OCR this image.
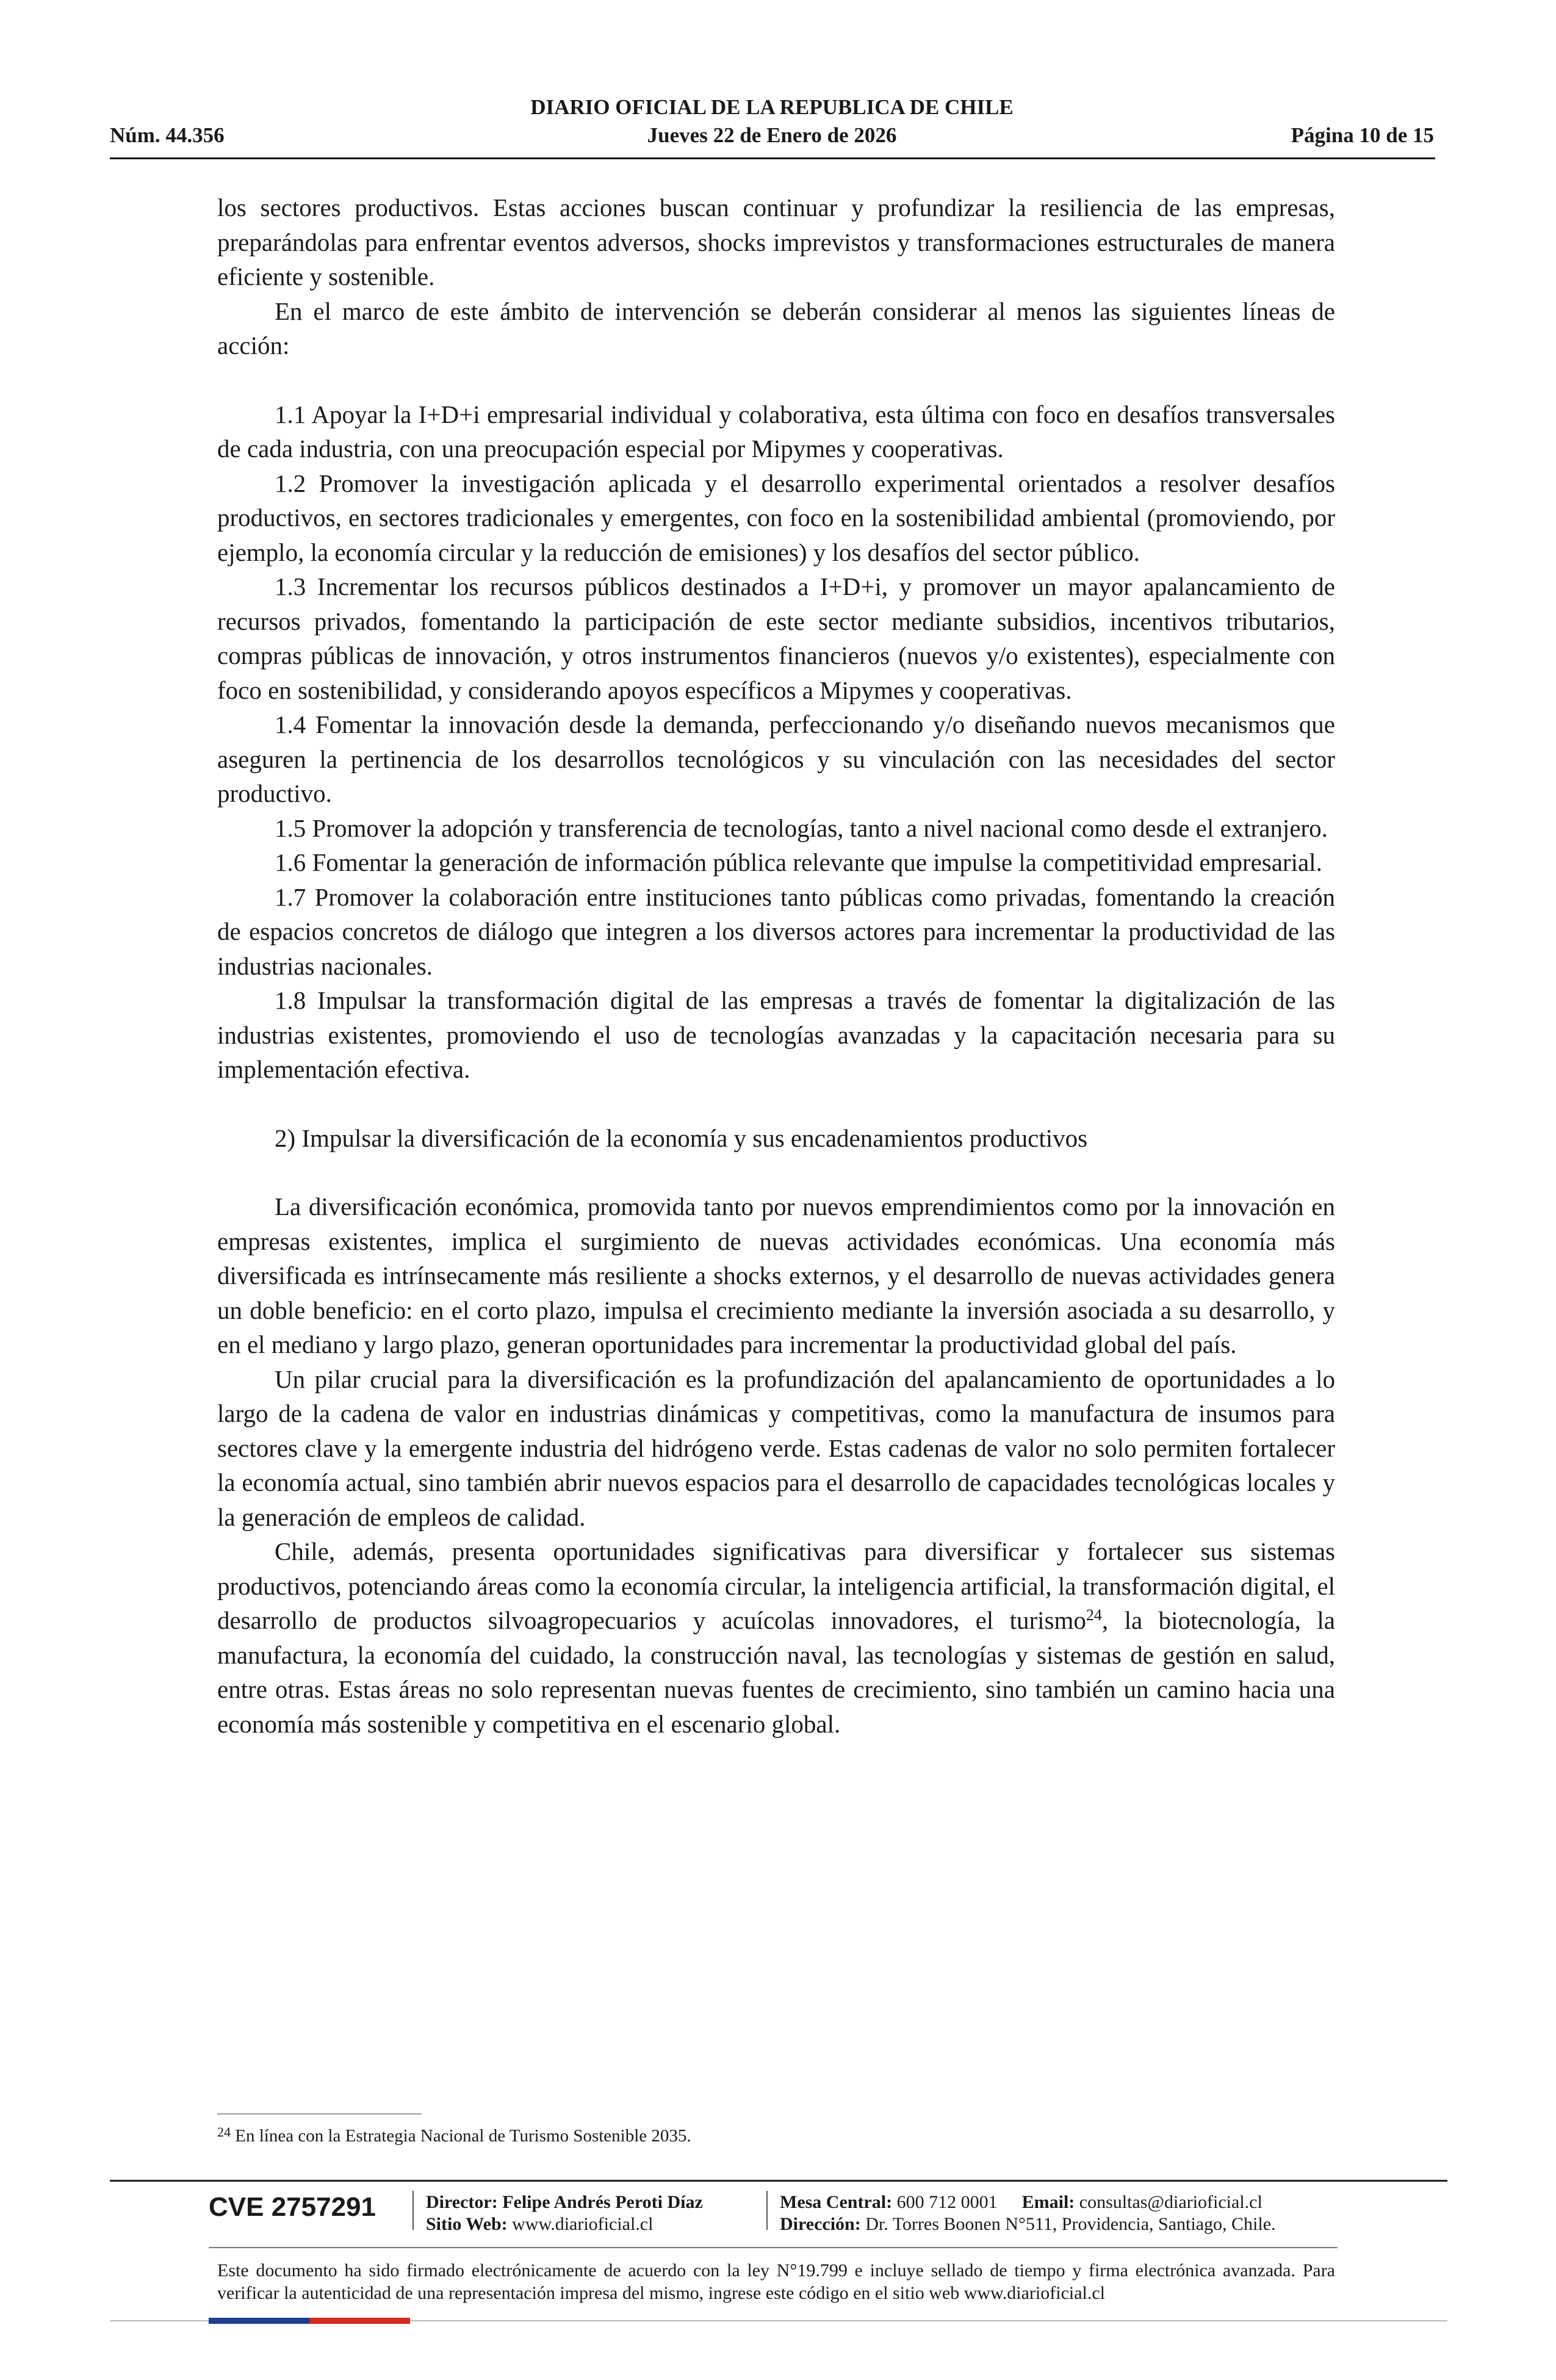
DIARIO OFICIAL DE LA REPUBLICA DE CHILE
Núm. 44.356	Jueves 22 de Enero de 2026	Página 10 de 15

los sectores productivos. Estas acciones buscan continuar y profundizar la resiliencia de las empresas, preparándolas para enfrentar eventos adversos, shocks imprevistos y transformaciones estructurales de manera eficiente y sostenible.

En el marco de este ámbito de intervención se deberán considerar al menos las siguientes líneas de acción:

1.1 Apoyar la I+D+i empresarial individual y colaborativa, esta última con foco en desafíos transversales de cada industria, con una preocupación especial por Mipymes y cooperativas.

1.2 Promover la investigación aplicada y el desarrollo experimental orientados a resolver desafíos productivos, en sectores tradicionales y emergentes, con foco en la sostenibilidad ambiental (promoviendo, por ejemplo, la economía circular y la reducción de emisiones) y los desafíos del sector público.

1.3 Incrementar los recursos públicos destinados a I+D+i, y promover un mayor apalancamiento de recursos privados, fomentando la participación de este sector mediante subsidios, incentivos tributarios, compras públicas de innovación, y otros instrumentos financieros (nuevos y/o existentes), especialmente con foco en sostenibilidad, y considerando apoyos específicos a Mipymes y cooperativas.

1.4 Fomentar la innovación desde la demanda, perfeccionando y/o diseñando nuevos mecanismos que aseguren la pertinencia de los desarrollos tecnológicos y su vinculación con las necesidades del sector productivo.

1.5 Promover la adopción y transferencia de tecnologías, tanto a nivel nacional como desde el extranjero.

1.6 Fomentar la generación de información pública relevante que impulse la competitividad empresarial.

1.7 Promover la colaboración entre instituciones tanto públicas como privadas, fomentando la creación de espacios concretos de diálogo que integren a los diversos actores para incrementar la productividad de las industrias nacionales.

1.8 Impulsar la transformación digital de las empresas a través de fomentar la digitalización de las industrias existentes, promoviendo el uso de tecnologías avanzadas y la capacitación necesaria para su implementación efectiva.

2) Impulsar la diversificación de la economía y sus encadenamientos productivos

La diversificación económica, promovida tanto por nuevos emprendimientos como por la innovación en empresas existentes, implica el surgimiento de nuevas actividades económicas. Una economía más diversificada es intrínsecamente más resiliente a shocks externos, y el desarrollo de nuevas actividades genera un doble beneficio: en el corto plazo, impulsa el crecimiento mediante la inversión asociada a su desarrollo, y en el mediano y largo plazo, generan oportunidades para incrementar la productividad global del país.

Un pilar crucial para la diversificación es la profundización del apalancamiento de oportunidades a lo largo de la cadena de valor en industrias dinámicas y competitivas, como la manufactura de insumos para sectores clave y la emergente industria del hidrógeno verde. Estas cadenas de valor no solo permiten fortalecer la economía actual, sino también abrir nuevos espacios para el desarrollo de capacidades tecnológicas locales y la generación de empleos de calidad.

Chile, además, presenta oportunidades significativas para diversificar y fortalecer sus sistemas productivos, potenciando áreas como la economía circular, la inteligencia artificial, la transformación digital, el desarrollo de productos silvoagropecuarios y acuícolas innovadores, el turismo$^{24}$, la biotecnología, la manufactura, la economía del cuidado, la construcción naval, las tecnologías y sistemas de gestión en salud, entre otras. Estas áreas no solo representan nuevas fuentes de crecimiento, sino también un camino hacia una economía más sostenible y competitiva en el escenario global.

$^{24}$ En línea con la Estrategia Nacional de Turismo Sostenible 2035.
CVE 2757291	Director: Felipe Andrés Peroti Díaz
Sitio Web: www.diarioficial.cl
Mesa Central: 600 712 0001 Email: consultas@diarioficial.cl
Dirección: Dr. Torres Boonen N°511, Providencia, Santiago, Chile.
Este documento ha sido firmado electrónicamente de acuerdo con la ley N°19.799 e incluye sellado de tiempo y firma electrónica avanzada. Para verificar la autenticidad de una representación impresa del mismo, ingrese este código en el sitio web www.diarioficial.cl
